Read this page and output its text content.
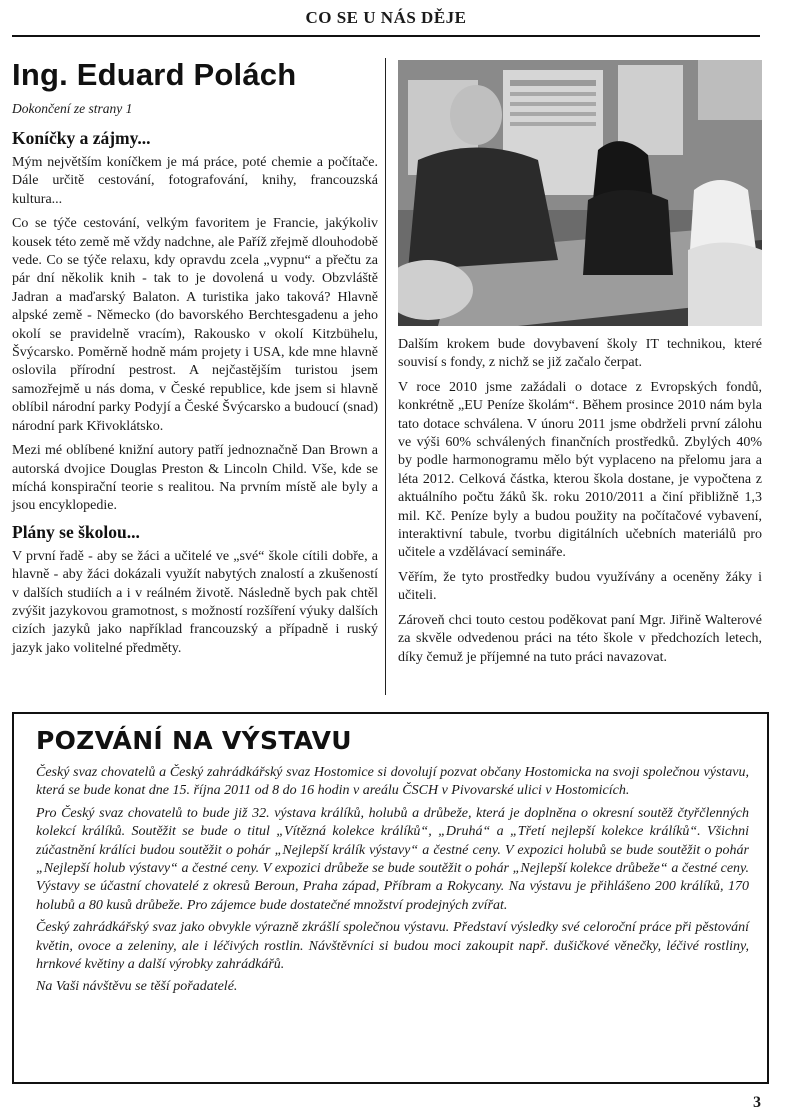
CO SE U NÁS DĚJE
Ing. Eduard Polách
Dokončení ze strany 1
Koníčky a zájmy...

Mým největším koníčkem je má práce, poté chemie a počítače. Dále určitě cestování, fotografování, knihy, francouzská kultura...

Co se týče cestování, velkým favoritem je Francie, jakýkoliv kousek této země mě vždy nadchne, ale Paříž zřejmě dlouhodobě vede. Co se týče relaxu, kdy opravdu zcela „vypnu“ a přečtu za pár dní několik knih - tak to je dovolená u vody. Obzvláště Jadran a maďarský Balaton. A turistika jako taková? Hlavně alpské země - Německo (do bavorského Berchtesgadenu a jeho okolí se pravidelně vracím), Rakousko v okolí Kitzbühelu, Švýcarsko. Poměrně hodně mám projety i USA, kde mne hlavně oslovila přírodní pestrost. A nejčastějším turistou jsem samozřejmě u nás doma, v České republice, kde jsem si hlavně oblíbil národní parky Podyjí a České Švýcarsko a budoucí (snad) národní park Křivoklátsko.

Mezi mé oblíbené knižní autory patří jednoznačně Dan Brown a autorská dvojice Douglas Preston & Lincoln Child. Vše, kde se míchá konspirační teorie s realitou. Na prvním místě ale byly a jsou encyklopedie.

Plány se školou...

V první řadě - aby se žáci a učitelé ve „své“ škole cítili dobře, a hlavně - aby žáci dokázali využít nabytých znalostí a zkušeností v dalších studiích a i v reálném životě. Následně bych pak chtěl zvýšit jazykovou gramotnost, s možností rozšíření výuky dalších cizích jazyků jako například francouzský a případně i ruský jazyk jako volitelné předměty.

Dalším krokem bude dovybavení školy IT technikou, které souvisí s fondy, z nichž se již začalo čerpat.

V roce 2010 jsme zažádali o dotace z Evropských fondů, konkrétně „EU Peníze školám“. Během prosince 2010 nám byla tato dotace schválena. V únoru 2011 jsme obdrželi první zálohu ve výši 60% schválených finančních prostředků. Zbylých 40% by podle harmonogramu mělo být vyplaceno na přelomu jara a léta 2012. Celková částka, kterou škola dostane, je vypočtena z aktuálního počtu žáků šk. roku 2010/2011 a činí přibližně 1,3 mil. Kč. Peníze byly a budou použity na počítačové vybavení, interaktivní tabule, tvorbu digitálních učebních materiálů pro učitele a vzdělávací semináře.

Věřím, že tyto prostředky budou využívány a oceněny žáky i učiteli.

Zároveň chci touto cestou poděkovat paní Mgr. Jiřině Walterové za skvěle odvedenou práci na této škole v předchozích letech, díky čemuž je příjemné na tuto práci navazovat.

POZVÁNÍ NA VÝSTAVU

Český svaz chovatelů a Český zahrádkářský svaz Hostomice si dovolují pozvat občany Hostomicka na svoji společnou výstavu, která se bude konat dne 15. října 2011 od 8 do 16 hodin v areálu ČSCH v Pivovarské ulici v Hostomicích.

Pro Český svaz chovatelů to bude již 32. výstava králíků, holubů a drůbeže, která je doplněna o okresní soutěž čtyřčlenných kolekcí králíků. Soutěžit se bude o titul „Vítězná kolekce králíků“, „Druhá“ a „Třetí nejlepší kolekce králíků“. Všichni zúčastnění králíci budou soutěžit o pohár „Nejlepší králík výstavy“ a čestné ceny. V expozici holubů se bude soutěžit o pohár „Nejlepší holub výstavy“ a čestné ceny. V expozici drůbeže se bude soutěžit o pohár „Nejlepší kolekce drůbeže“ a čestné ceny. Výstavy se účastní chovatelé z okresů Beroun, Praha západ, Příbram a Rokycany. Na výstavu je přihlášeno 200 králíků, 170 holubů a 80 kusů drůbeže. Pro zájemce bude dostatečné množství prodejných zvířat.

Český zahrádkářský svaz jako obvykle výrazně zkrášlí společnou výstavu. Představí výsledky své celoroční práce při pěstování květin, ovoce a zeleniny, ale i léčivých rostlin. Návštěvníci si budou moci zakoupit např. dušičkové věnečky, léčivé rostliny, hrnkové květiny a další výrobky zahrádkářů.

Na Vaši návštěvu se těší pořadatelé.

3
